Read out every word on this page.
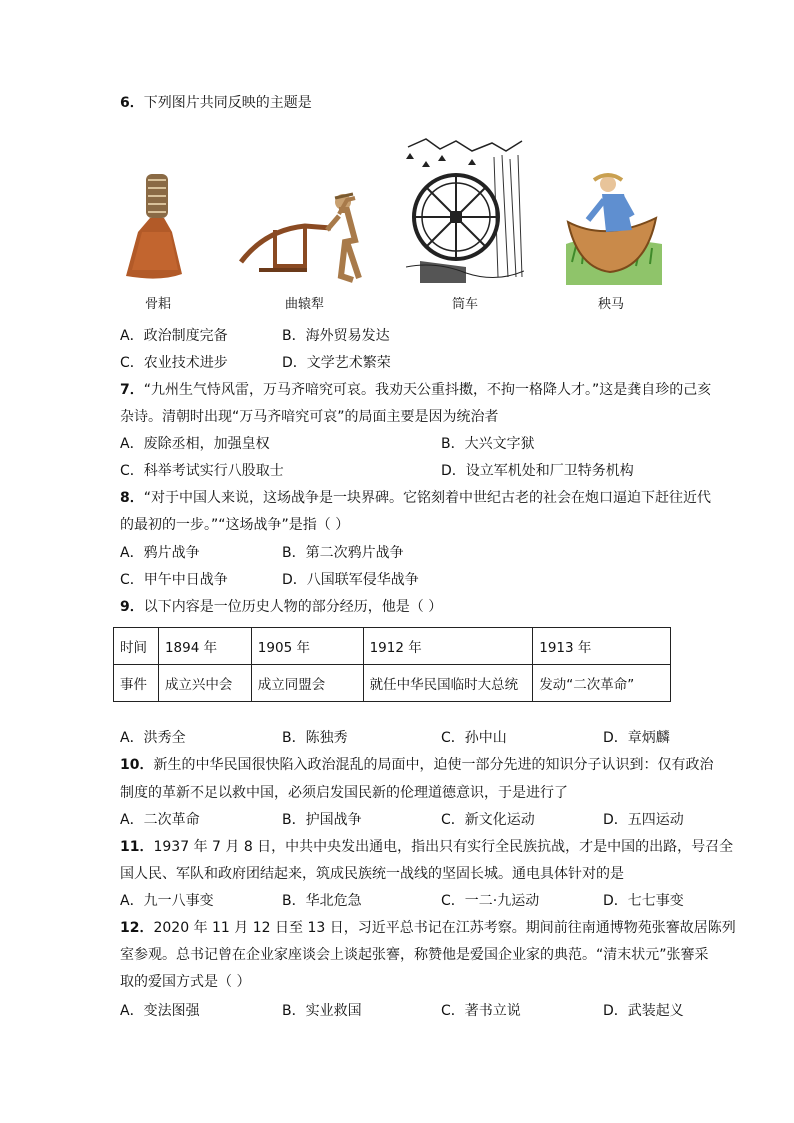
6．下列图片共同反映的主题是
骨耜	曲辕犁	筒车	秧马
A．政治制度完备	B．海外贸易发达
C．农业技术进步	D．文学艺术繁荣
7．“九州生气恃风雷，万马齐喑究可哀。我劝天公重抖擞，不拘一格降人才。”这是龚自珍的己亥
杂诗。清朝时出现“万马齐喑究可哀”的局面主要是因为统治者
A．废除丞相，加强皇权	B．大兴文字狱
C．科举考试实行八股取士	D．设立军机处和厂卫特务机构
8．“对于中国人来说，这场战争是一块界碑。它铭刻着中世纪古老的社会在炮口逼迫下赶往近代
的最初的一步。”“这场战争”是指（ ）
A．鸦片战争	B．第二次鸦片战争
C．甲午中日战争	D．八国联军侵华战争
9．以下内容是一位历史人物的部分经历，他是（ ）
时间	1894 年	1905 年	1912 年	1913 年
事件	成立兴中会	成立同盟会	就任中华民国临时大总统	发动“二次革命”
A．洪秀全	B．陈独秀	C．孙中山	D．章炳麟
10．新生的中华民国很快陷入政治混乱的局面中，迫使一部分先进的知识分子认识到：仅有政治
制度的革新不足以救中国，必须启发国民新的伦理道德意识，于是进行了
A．二次革命	B．护国战争	C．新文化运动	D．五四运动
11．1937 年 7 月 8 日，中共中央发出通电，指出只有实行全民族抗战，才是中国的出路，号召全
国人民、军队和政府团结起来，筑成民族统一战线的坚固长城。通电具体针对的是
A．九一八事变	B．华北危急	C．一二·九运动	D．七七事变
12．2020 年 11 月 12 日至 13 日，习近平总书记在江苏考察。期间前往南通博物苑张謇故居陈列
室参观。总书记曾在企业家座谈会上谈起张謇，称赞他是爱国企业家的典范。“清末状元”张謇采
取的爱国方式是（ ）
A．变法图强	B．实业救国	C．著书立说	D．武装起义
